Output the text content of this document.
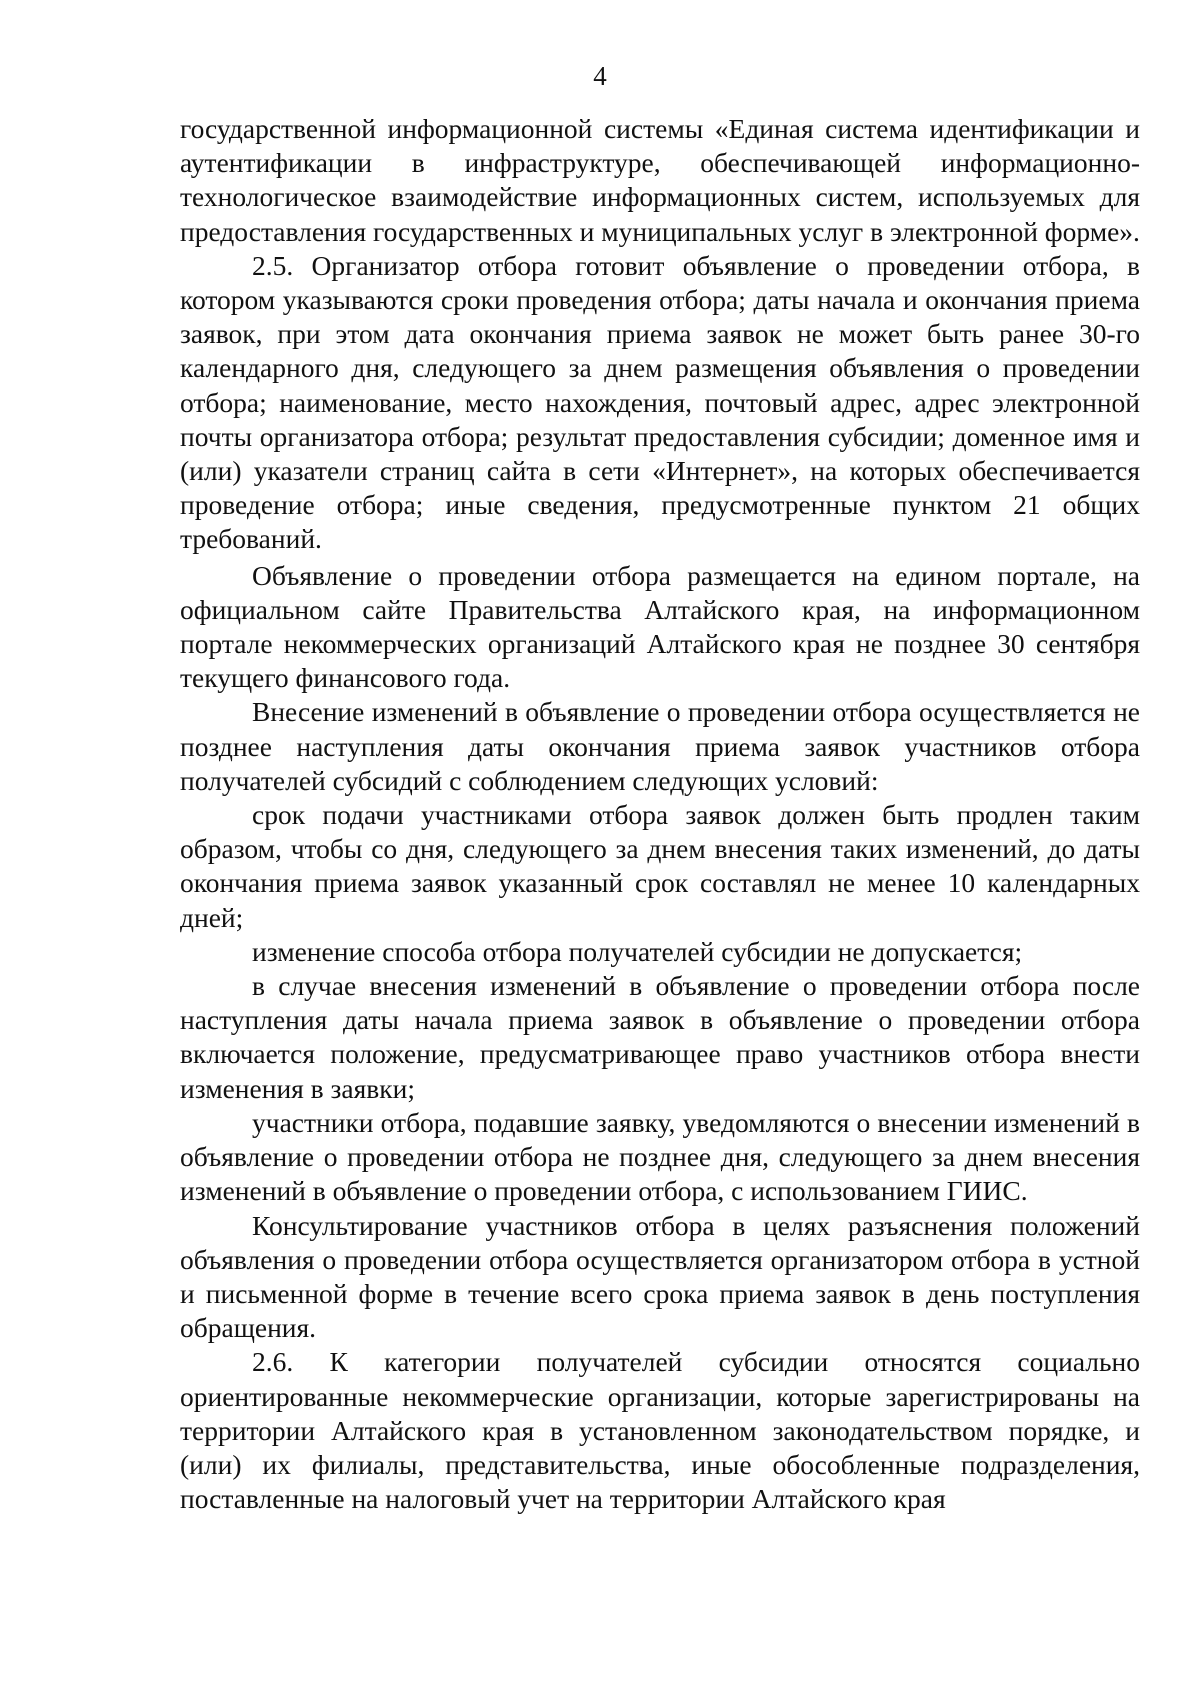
4

государственной информационной системы «Единая система идентификации и аутентификации в инфраструктуре, обеспечивающей информационно-технологическое взаимодействие информационных систем, используемых для предоставления государственных и муниципальных услуг в электронной форме».

2.5. Организатор отбора готовит объявление о проведении отбора, в котором указываются сроки проведения отбора; даты начала и окончания приема заявок, при этом дата окончания приема заявок не может быть ранее 30-го календарного дня, следующего за днем размещения объявления о проведении отбора; наименование, место нахождения, почтовый адрес, адрес электронной почты организатора отбора; результат предоставления субсидии; доменное имя и (или) указатели страниц сайта в сети «Интернет», на которых обеспечивается проведение отбора; иные сведения, предусмотренные пунктом 21 общих требований.

Объявление о проведении отбора размещается на едином портале, на официальном сайте Правительства Алтайского края, на информационном портале некоммерческих организаций Алтайского края не позднее 30 сентября текущего финансового года.

Внесение изменений в объявление о проведении отбора осуществляется не позднее наступления даты окончания приема заявок участников отбора получателей субсидий с соблюдением следующих условий:

срок подачи участниками отбора заявок должен быть продлен таким образом, чтобы со дня, следующего за днем внесения таких изменений, до даты окончания приема заявок указанный срок составлял не менее 10 календарных дней;

изменение способа отбора получателей субсидии не допускается;

в случае внесения изменений в объявление о проведении отбора после наступления даты начала приема заявок в объявление о проведении отбора включается положение, предусматривающее право участников отбора внести изменения в заявки;

участники отбора, подавшие заявку, уведомляются о внесении изменений в объявление о проведении отбора не позднее дня, следующего за днем внесения изменений в объявление о проведении отбора, с использованием ГИИС.

Консультирование участников отбора в целях разъяснения положений объявления о проведении отбора осуществляется организатором отбора в устной и письменной форме в течение всего срока приема заявок в день поступления обращения.

2.6. К категории получателей субсидии относятся социально ориентированные некоммерческие организации, которые зарегистрированы на территории Алтайского края в установленном законодательством порядке, и (или) их филиалы, представительства, иные обособленные подразделения, поставленные на налоговый учет на территории Алтайского края
